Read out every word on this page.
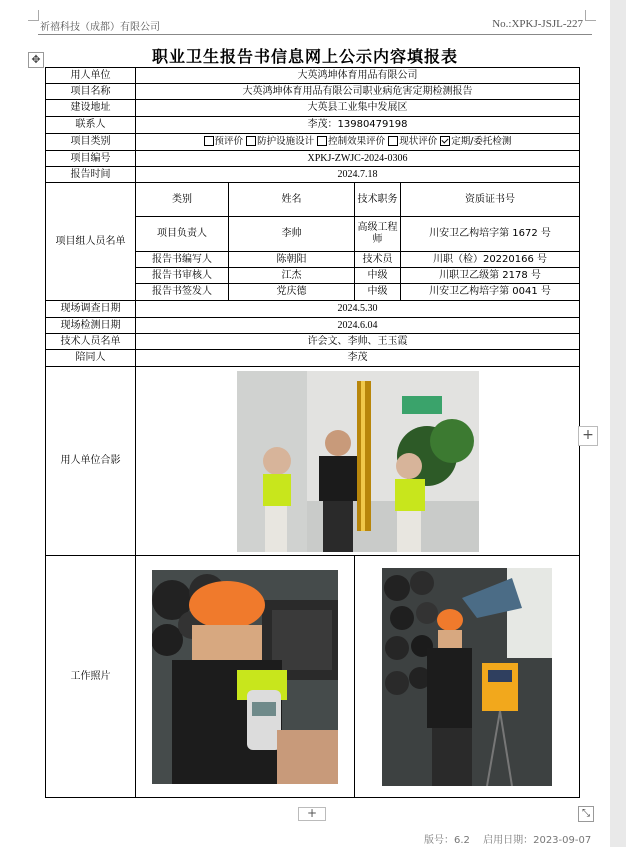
祈禧科技（成都）有限公司	No.:XPKJ-JSJL-227
职业卫生报告书信息网上公示内容填报表
✥
用人单位	大英鸿坤体育用品有限公司			
项目名称	大英鸿坤体育用品有限公司职业病危害定期检测报告			
建设地址	大英县工业集中发展区			
联系人	李茂：13980479198			
项目类别	预评价 防护设施设计 控制效果评价 现状评价 定期/委托检测			
项目编号	XPKJ-ZWJC-2024-0306			
报告时间	2024.7.18			
项目组人员名单	类别	姓名	技术职务	资质证书号
	项目负责人	李帅	高级工程师	川安卫乙构培字第 1672 号
	报告书编写人	陈朝阳	技术员	川职（检）20220166 号
	报告书审核人	江杰	中级	川职卫乙级第 2178 号
	报告书签发人	党庆德	中级	川安卫乙构培字第 0041 号
现场调查日期	2024.5.30			
现场检测日期	2024.6.04			
技术人员名单	许会文、李帅、王玉霞			
陪同人	李茂			
用人单位合影	

工作照片	

+
+	⤡
版号：6.2 启用日期：2023-09-07
